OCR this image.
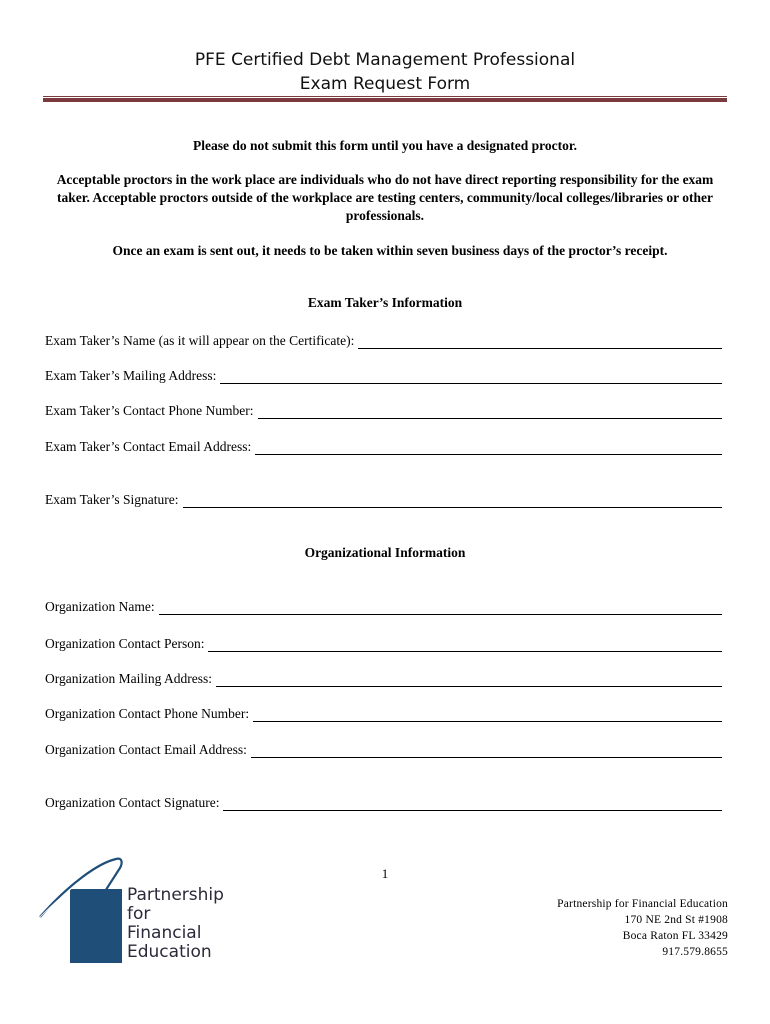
PFE Certified Debt Management Professional
Exam Request Form
Please do not submit this form until you have a designated proctor.
Acceptable proctors in the work place are individuals who do not have direct reporting responsibility for the exam taker. Acceptable proctors outside of the workplace are testing centers, community/local colleges/libraries or other professionals.
Once an exam is sent out, it needs to be taken within seven business days of the proctor’s receipt.
Exam Taker’s Information
Exam Taker’s Name (as it will appear on the Certificate):
Exam Taker’s Mailing Address:
Exam Taker’s Contact Phone Number:
Exam Taker’s Contact Email Address:
Exam Taker’s Signature:
Organizational Information
Organization Name:
Organization Contact Person:
Organization Mailing Address:
Organization Contact Phone Number:
Organization Contact Email Address:
Organization Contact Signature:
1
Partnership
for
Financial
Education
Partnership for Financial Education
170 NE 2nd St #1908
Boca Raton FL 33429
917.579.8655
